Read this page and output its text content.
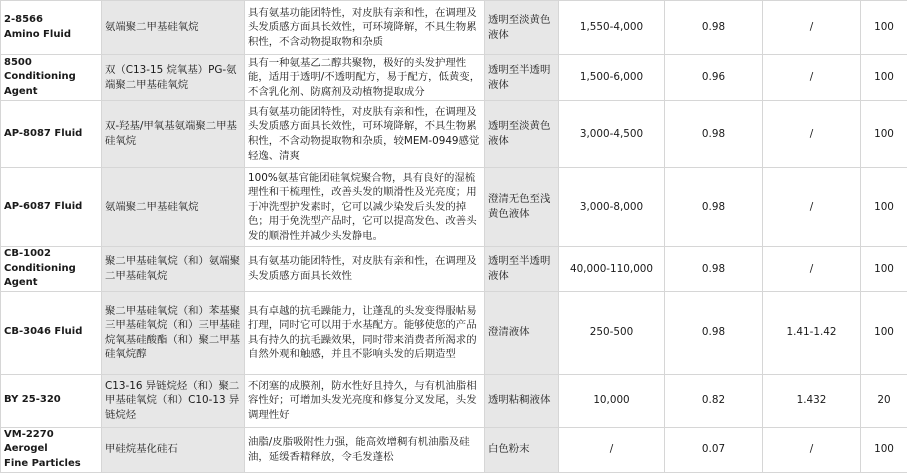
2-8566
Amino Fluid	氨端聚二甲基硅氧烷	具有氨基功能团特性，对皮肤有亲和性，在调理及头发质感方面具长效性，可环境降解，不具生物累积性，不含动物提取物和杂质	透明至淡黄色液体	1,550-4,000	0.98	/	100
8500
Conditioning
Agent	双（C13-15 烷氧基）PG-氨端聚二甲基硅氧烷	具有一种氨基乙二醇共聚物，极好的头发护理性能，适用于透明/不透明配方，易于配方，低黄变，不含乳化剂、防腐剂及动植物提取成分	透明至半透明液体	1,500-6,000	0.96	/	100
AP-8087 Fluid	双-羟基/甲氧基氨端聚二甲基硅氧烷	具有氨基功能团特性，对皮肤有亲和性，在调理及头发质感方面具长效性，可环境降解，不具生物累积性，不含动物提取物和杂质，较MEM-0949感觉轻逸、清爽	透明至淡黄色液体	3,000-4,500	0.98	/	100
AP-6087 Fluid	氨端聚二甲基硅氧烷	100%氨基官能团硅氧烷聚合物，具有良好的湿梳理性和干梳理性，改善头发的顺滑性及光亮度；用于冲洗型护发素时，它可以减少染发后头发的掉色；用于免洗型产品时，它可以提高发色、改善头发的顺滑性并减少头发静电。	澄清无色至浅黄色液体	3,000-8,000	0.98	/	100
CB-1002
Conditioning
Agent	聚二甲基硅氧烷（和）氨端聚二甲基硅氧烷	具有氨基功能团特性，对皮肤有亲和性，在调理及头发质感方面具长效性	透明至半透明液体	40,000-110,000	0.98	/	100
CB-3046 Fluid	聚二甲基硅氧烷（和）苯基聚三甲基硅氧烷（和）三甲基硅烷氧基硅酸酯（和）聚二甲基硅氧烷醇	具有卓越的抗毛躁能力，让蓬乱的头发变得服帖易打理，同时它可以用于水基配方。能够使您的产品具有持久的抗毛躁效果，同时带来消费者所渴求的自然外观和触感，并且不影响头发的后期造型	澄清液体	250-500	0.98	1.41-1.42	100
BY 25-320	C13-16 异链烷烃（和）聚二甲基硅氧烷（和）C10-13 异链烷烃	不闭塞的成膜剂，防水性好且持久，与有机油脂相容性好；可增加头发光亮度和修复分叉发尾，头发调理性好	透明粘稠液体	10,000	0.82	1.432	20
VM-2270 Aerogel
Fine Particles	甲硅烷基化硅石	油脂/皮脂吸附性力强，能高效增稠有机油脂及硅油，延缓香精释放，令毛发蓬松	白色粉末	/	0.07	/	100
